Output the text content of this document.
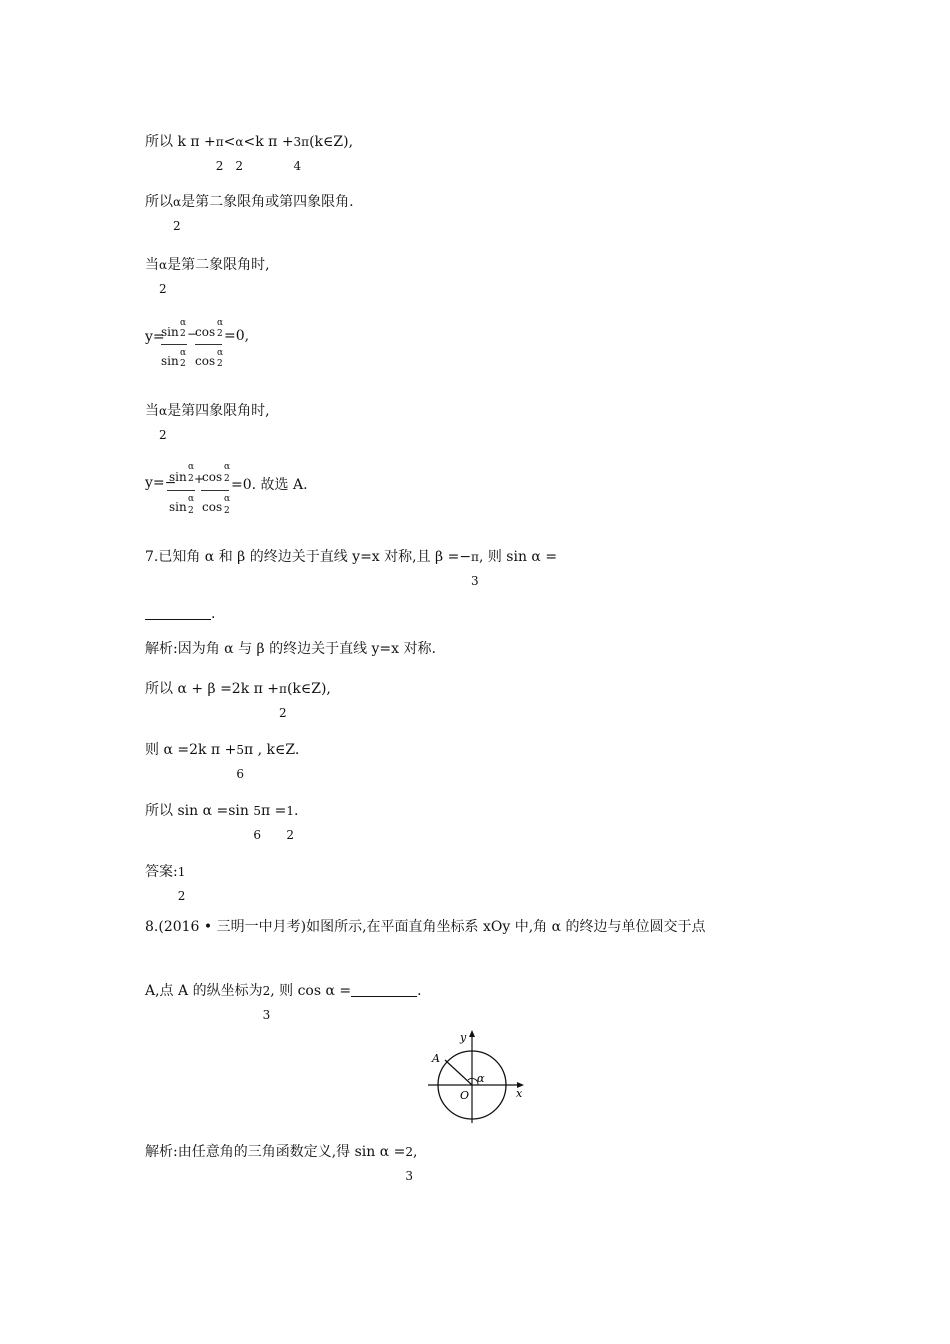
所以 k π + π
2
< α
2
<k π + 3π
4
(k∈Z),
所以 α
2
是第二象限角或第四象限角.
当 α
2
是第二象限角时,
y=
sin
α
2 −
cos
α
2 =0,
sin
α
2 cos
α
2
当 α
2
是第四象限角时,
y=−
sin
α
2 +
cos
α
2 =0. 故选 A.
sin
α
2 cos
α
2
7.已知角 α 和 β 的终边关于直线 y=x 对称,且 β =− π
3
, 则 sin α =
.
解析:因为角 α 与 β 的终边关于直线 y=x 对称.
所以 α + β =2k π + π
2
(k∈Z),
则 α =2k π + 5
6
π , k∈Z.
所以 sin α =sin 5
6
π = 1
2
.
答案: 1
2
8.(2016 • 三明一中月考)如图所示,在平面直角坐标系 xOy 中,角 α 的终边与单位圆交于点
A,点 A 的纵坐标为 2
3
, 则 cos α =	.
y
x
O
A
α
解析:由任意角的三角函数定义,得 sin α = 2
3
,
